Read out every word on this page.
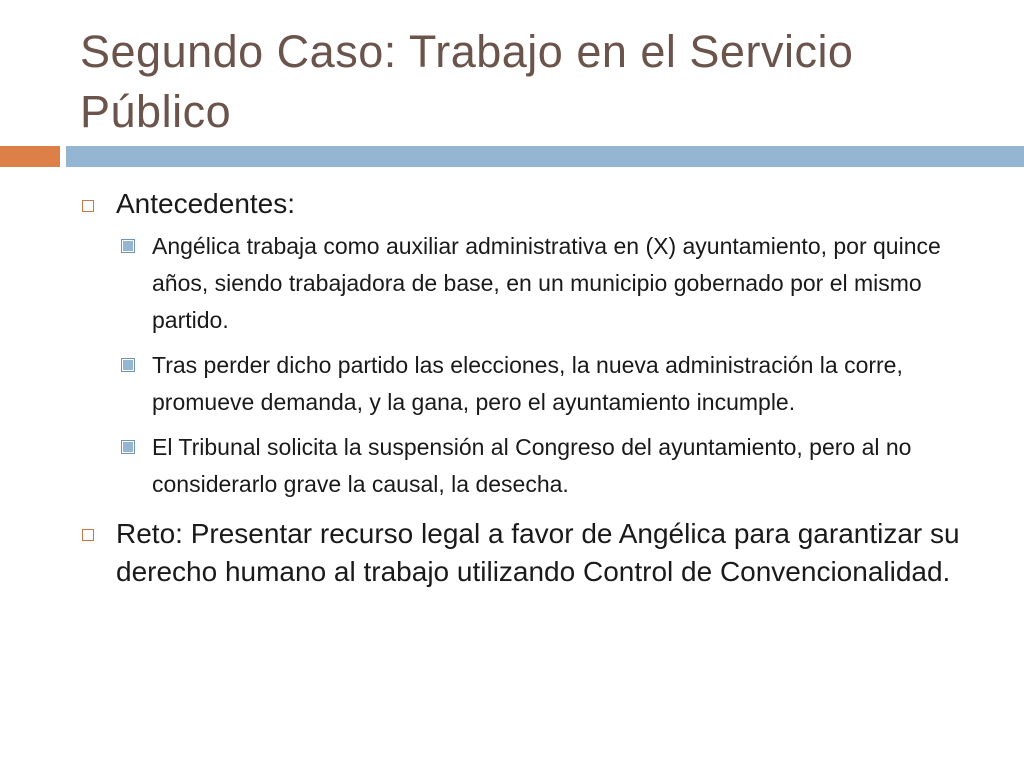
Segundo Caso: Trabajo en el Servicio Público
Antecedentes:
Angélica trabaja como auxiliar administrativa en (X) ayuntamiento, por quince años, siendo trabajadora de base, en un municipio gobernado por el mismo partido.
Tras perder dicho partido las elecciones, la nueva administración la corre, promueve demanda, y la gana, pero el ayuntamiento incumple.
El Tribunal solicita la suspensión al Congreso del ayuntamiento, pero al no considerarlo grave la causal, la desecha.
Reto: Presentar recurso legal a favor de Angélica para garantizar su derecho humano al trabajo utilizando Control de Convencionalidad.
